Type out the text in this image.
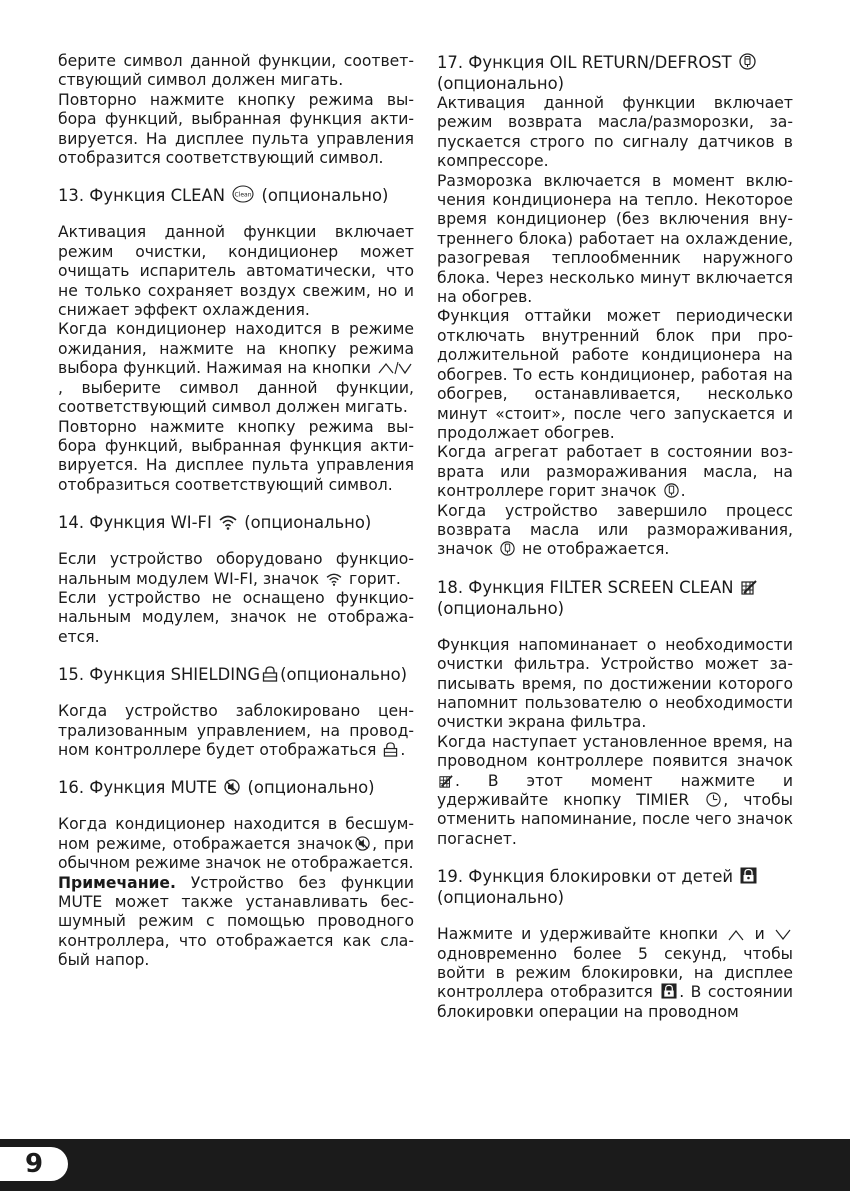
берите символ данной функции, соответствующий символ должен мигать.

Повторно нажмите кнопку режима выбора функций, выбранная функция активируется. На дисплее пульта управления отобразится соответствующий символ.

13. Функция CLEAN Clean (опционально)

Активация данной функции включает режим очистки, кондиционер может очищать испаритель автоматически, что не только сохраняет воздух свежим, но и снижает эффект охлаждения.

Когда кондиционер находится в режиме ожидания, нажмите на кнопку режима выбора функций. Нажимая на кнопки , выберите символ данной функции, соответствующий символ должен мигать.

Повторно нажмите кнопку режима выбора функций, выбранная функция активируется. На дисплее пульта управления отобразиться соответствующий символ.

14. Функция WI-FI (опционально)

Если устройство оборудовано функциональным модулем WI-FI, значок горит.

Если устройство не оснащено функциональным модулем, значок не отображается.

15. Функция SHIELDING (опционально)

Когда устройство заблокировано централизованным управлением, на проводном контроллере будет отображаться .

16. Функция MUTE (опционально)

Когда кондиционер находится в бесшумном режиме, отображается значок , при обычном режиме значок не отображается.

Примечание. Устройство без функции MUTE может также устанавливать бесшумный режим с помощью проводного контроллера, что отображается как слабый напор.

17. Функция OIL RETURN/DEFROST
(опционально)

Активация данной функции включает режим возврата масла/разморозки, запускается строго по сигналу датчиков в компрессоре.

Разморозка включается в момент включения кондиционера на тепло. Некоторое время кондиционер (без включения внутреннего блока) работает на охлаждение, разогревая теплообменник наружного блока. Через несколько минут включается на обогрев.

Функция оттайки может периодически отключать внутренний блок при продолжительной работе кондиционера на обогрев. То есть кондиционер, работая на обогрев, останавливается, несколько минут «стоит», после чего запускается и продолжает обогрев.

Когда агрегат работает в состоянии возврата или размораживания масла, на контроллере горит значок .

Когда устройство завершило процесс возврата масла или размораживания, значок не отображается.

18. Функция FILTER SCREEN CLEAN
(опционально)

Функция напоминанает о необходимости очистки фильтра. Устройство может записывать время, по достижении которого напомнит пользователю о необходимости очистки экрана фильтра.

Когда наступает установленное время, на проводном контроллере появится значок . В этот момент нажмите и удерживайте кнопку TIMIER , чтобы отменить напоминание, после чего значок погаснет.

19. Функция блокировки от детей  (опционально)

Нажмите и удерживайте кнопки и  одновременно более 5 секунд, чтобы войти в режим блокировки, на дисплее контроллера отобразится . В состоянии блокировки операции на проводном

9
